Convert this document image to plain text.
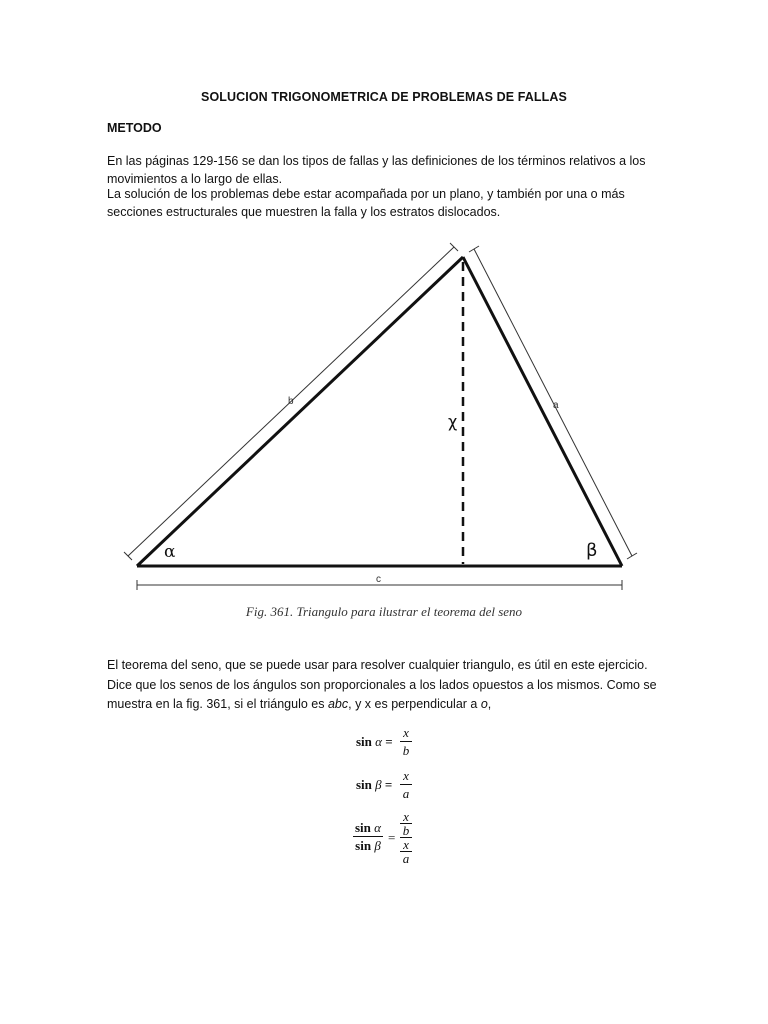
SOLUCION TRIGONOMETRICA DE PROBLEMAS DE FALLAS
METODO
En las páginas 129-156 se dan los tipos de fallas y las definiciones de los términos relativos a los movimientos a lo largo de ellas.
La solución de los problemas debe estar acompañada por un plano, y también por una o más secciones estructurales que muestren la falla y los estratos dislocados.
b	a
c
χ
α	β
Fig. 361. Triangulo para ilustrar el teorema del seno
El teorema del seno, que se puede usar para resolver cualquier triangulo, es útil en este ejercicio. Dice que los senos de los ángulos son proporcionales a los lados opuestos a los mismos. Como se muestra en la fig. 361, si el triángulo es abc, y x es perpendicular a o,
sin α =
x
b
sin β =
x
a
sin α
sin β
=
x
b
x
a
